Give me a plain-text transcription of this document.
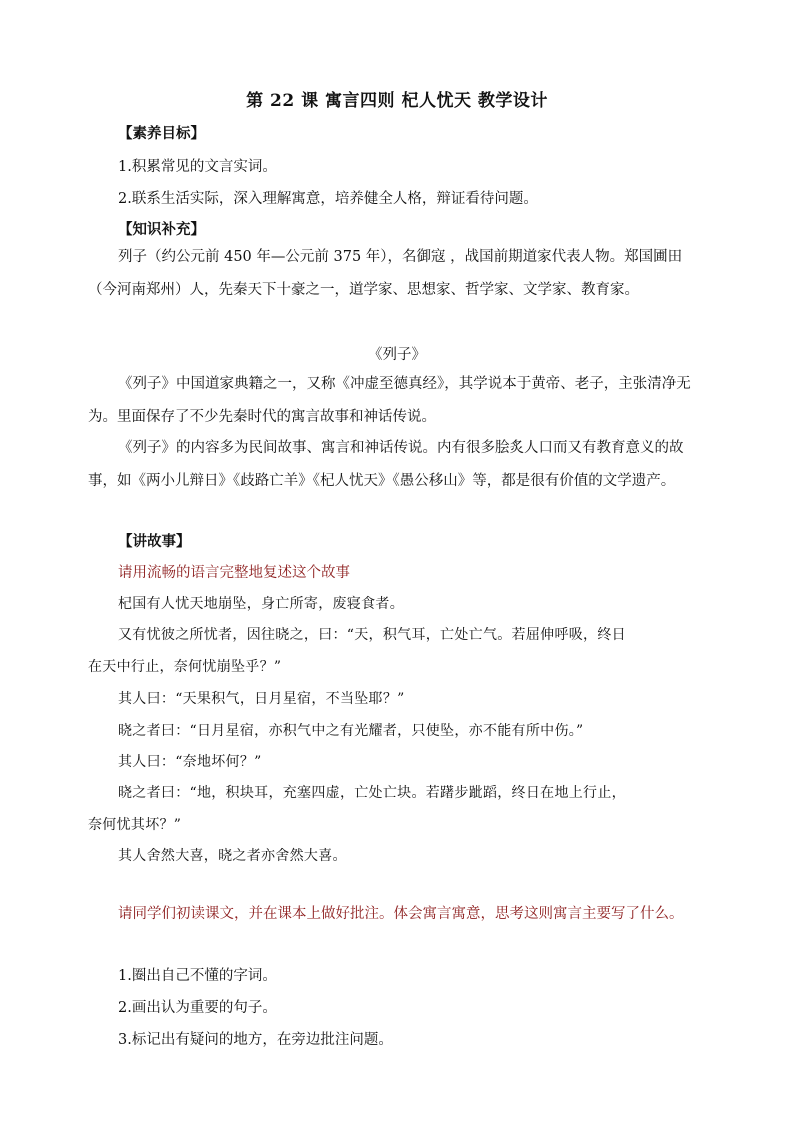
第 22 课 寓言四则 杞人忧天 教学设计
【素养目标】
1.积累常见的文言实词。
2.联系生活实际，深入理解寓意，培养健全人格，辩证看待问题。
【知识补充】
列子（约公元前 450 年—公元前 375 年），名御寇 ，战国前期道家代表人物。郑国圃田（今河南郑州）人，先秦天下十豪之一，道学家、思想家、哲学家、文学家、教育家。
《列子》
《列子》中国道家典籍之一，又称《冲虚至德真经》，其学说本于黄帝、老子，主张清净无为。里面保存了不少先秦时代的寓言故事和神话传说。
《列子》的内容多为民间故事、寓言和神话传说。内有很多脍炙人口而又有教育意义的故事，如《两小儿辩日》《歧路亡羊》《杞人忧天》《愚公移山》等，都是很有价值的文学遗产。
【讲故事】
请用流畅的语言完整地复述这个故事
杞国有人忧天地崩坠，身亡所寄，废寝食者。
又有忧彼之所忧者，因往晓之，曰：“天，积气耳，亡处亡气。若屈伸呼吸，终日
在天中行止，奈何忧崩坠乎？”
其人曰：“天果积气，日月星宿，不当坠耶？”
晓之者曰：“日月星宿，亦积气中之有光耀者，只使坠，亦不能有所中伤。”
其人曰：“奈地坏何？”
晓之者曰：“地，积块耳，充塞四虚，亡处亡块。若躇步跐蹈，终日在地上行止，
奈何忧其坏？”
其人舍然大喜，晓之者亦舍然大喜。
请同学们初读课文，并在课本上做好批注。体会寓言寓意，思考这则寓言主要写了什么。
1.圈出自己不懂的字词。
2.画出认为重要的句子。
3.标记出有疑问的地方，在旁边批注问题。
